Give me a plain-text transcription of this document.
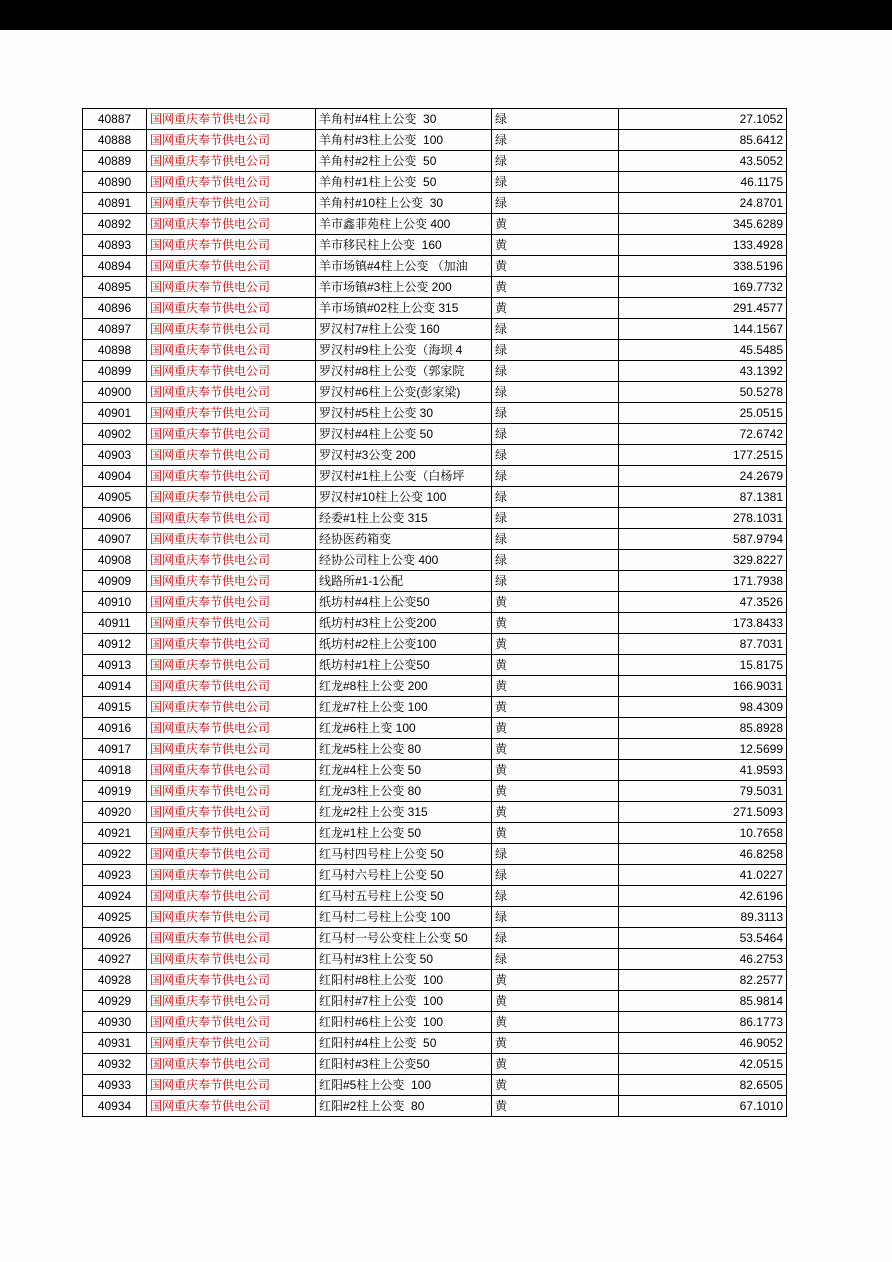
40887	国网重庆奉节供电公司	羊角村#4柱上公变  30	绿	27.1052
40888	国网重庆奉节供电公司	羊角村#3柱上公变  100	绿	85.6412
40889	国网重庆奉节供电公司	羊角村#2柱上公变  50	绿	43.5052
40890	国网重庆奉节供电公司	羊角村#1柱上公变  50	绿	46.1175
40891	国网重庆奉节供电公司	羊角村#10柱上公变  30	绿	24.8701
40892	国网重庆奉节供电公司	羊市鑫菲苑柱上公变 400	黄	345.6289
40893	国网重庆奉节供电公司	羊市移民柱上公变  160	黄	133.4928
40894	国网重庆奉节供电公司	羊市场镇#4柱上公变 （加油	黄	338.5196
40895	国网重庆奉节供电公司	羊市场镇#3柱上公变 200	黄	169.7732
40896	国网重庆奉节供电公司	羊市场镇#02柱上公变 315	黄	291.4577
40897	国网重庆奉节供电公司	罗汉村7#柱上公变 160	绿	144.1567
40898	国网重庆奉节供电公司	罗汉村#9柱上公变（海坝 4	绿	45.5485
40899	国网重庆奉节供电公司	罗汉村#8柱上公变（郭家院	绿	43.1392
40900	国网重庆奉节供电公司	罗汉村#6柱上公变(彭家梁)	绿	50.5278
40901	国网重庆奉节供电公司	罗汉村#5柱上公变 30	绿	25.0515
40902	国网重庆奉节供电公司	罗汉村#4柱上公变 50	绿	72.6742
40903	国网重庆奉节供电公司	罗汉村#3公变 200	绿	177.2515
40904	国网重庆奉节供电公司	罗汉村#1柱上公变（白杨坪	绿	24.2679
40905	国网重庆奉节供电公司	罗汉村#10柱上公变 100	绿	87.1381
40906	国网重庆奉节供电公司	经委#1柱上公变 315	绿	278.1031
40907	国网重庆奉节供电公司	经协医药箱变	绿	587.9794
40908	国网重庆奉节供电公司	经协公司柱上公变 400	绿	329.8227
40909	国网重庆奉节供电公司	线路所#1-1公配	绿	171.7938
40910	国网重庆奉节供电公司	纸坊村#4柱上公变50	黄	47.3526
40911	国网重庆奉节供电公司	纸坊村#3柱上公变200	黄	173.8433
40912	国网重庆奉节供电公司	纸坊村#2柱上公变100	黄	87.7031
40913	国网重庆奉节供电公司	纸坊村#1柱上公变50	黄	15.8175
40914	国网重庆奉节供电公司	红龙#8柱上公变 200	黄	166.9031
40915	国网重庆奉节供电公司	红龙#7柱上公变 100	黄	98.4309
40916	国网重庆奉节供电公司	红龙#6柱上变 100	黄	85.8928
40917	国网重庆奉节供电公司	红龙#5柱上公变 80	黄	12.5699
40918	国网重庆奉节供电公司	红龙#4柱上公变 50	黄	41.9593
40919	国网重庆奉节供电公司	红龙#3柱上公变 80	黄	79.5031
40920	国网重庆奉节供电公司	红龙#2柱上公变 315	黄	271.5093
40921	国网重庆奉节供电公司	红龙#1柱上公变 50	黄	10.7658
40922	国网重庆奉节供电公司	红马村四号柱上公变 50	绿	46.8258
40923	国网重庆奉节供电公司	红马村六号柱上公变 50	绿	41.0227
40924	国网重庆奉节供电公司	红马村五号柱上公变 50	绿	42.6196
40925	国网重庆奉节供电公司	红马村二号柱上公变 100	绿	89.3113
40926	国网重庆奉节供电公司	红马村一号公变柱上公变 50	绿	53.5464
40927	国网重庆奉节供电公司	红马村#3柱上公变 50	绿	46.2753
40928	国网重庆奉节供电公司	红阳村#8柱上公变  100	黄	82.2577
40929	国网重庆奉节供电公司	红阳村#7柱上公变  100	黄	85.9814
40930	国网重庆奉节供电公司	红阳村#6柱上公变  100	黄	86.1773
40931	国网重庆奉节供电公司	红阳村#4柱上公变  50	黄	46.9052
40932	国网重庆奉节供电公司	红阳村#3柱上公变50	黄	42.0515
40933	国网重庆奉节供电公司	红阳#5柱上公变  100	黄	82.6505
40934	国网重庆奉节供电公司	红阳#2柱上公变  80	黄	67.1010
